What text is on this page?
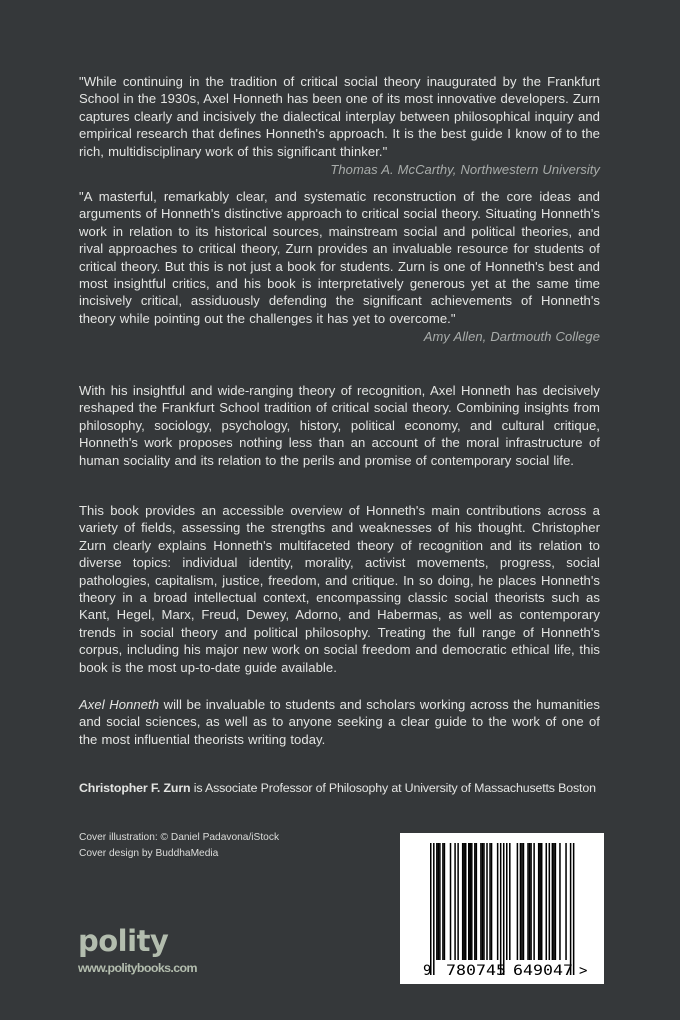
"While continuing in the tradition of critical social theory inaugurated by the Frankfurt School in the 1930s, Axel Honneth has been one of its most innovative developers. Zurn captures clearly and incisively the dialectical interplay between philosophical inquiry and empirical research that defines Honneth's approach. It is the best guide I know of to the rich, multidisciplinary work of this significant thinker."

Thomas A. McCarthy, Northwestern University

"A masterful, remarkably clear, and systematic reconstruction of the core ideas and arguments of Honneth's distinctive approach to critical social theory. Situating Honneth's work in relation to its historical sources, mainstream social and political theories, and rival approaches to critical theory, Zurn provides an invaluable resource for students of critical theory. But this is not just a book for students. Zurn is one of Honneth's best and most insightful critics, and his book is interpretatively generous yet at the same time incisively critical, assiduously defending the significant achievements of Honneth's theory while pointing out the challenges it has yet to overcome."

Amy Allen, Dartmouth College

With his insightful and wide-ranging theory of recognition, Axel Honneth has decisively reshaped the Frankfurt School tradition of critical social theory. Combining insights from philosophy, sociology, psychology, history, political economy, and cultural critique, Honneth's work proposes nothing less than an account of the moral infrastructure of human sociality and its relation to the perils and promise of contemporary social life.

This book provides an accessible overview of Honneth's main contributions across a variety of fields, assessing the strengths and weaknesses of his thought. Christopher Zurn clearly explains Honneth's multifaceted theory of recognition and its relation to diverse topics: individual identity, morality, activist movements, progress, social pathologies, capitalism, justice, freedom, and critique. In so doing, he places Honneth's theory in a broad intellectual context, encompassing classic social theorists such as Kant, Hegel, Marx, Freud, Dewey, Adorno, and Habermas, as well as contemporary trends in social theory and political philosophy. Treating the full range of Honneth's corpus, including his major new work on social freedom and democratic ethical life, this book is the most up-to-date guide available.

Axel Honneth will be invaluable to students and scholars working across the humanities and social sciences, as well as to anyone seeking a clear guide to the work of one of the most influential theorists writing today.

Christopher F. Zurn is Associate Professor of Philosophy at University of Massachusetts Boston
Cover illustration: © Daniel Padavona/iStock
Cover design by BuddhaMedia
polity
www.politybooks.com	9 780745 649047 >
